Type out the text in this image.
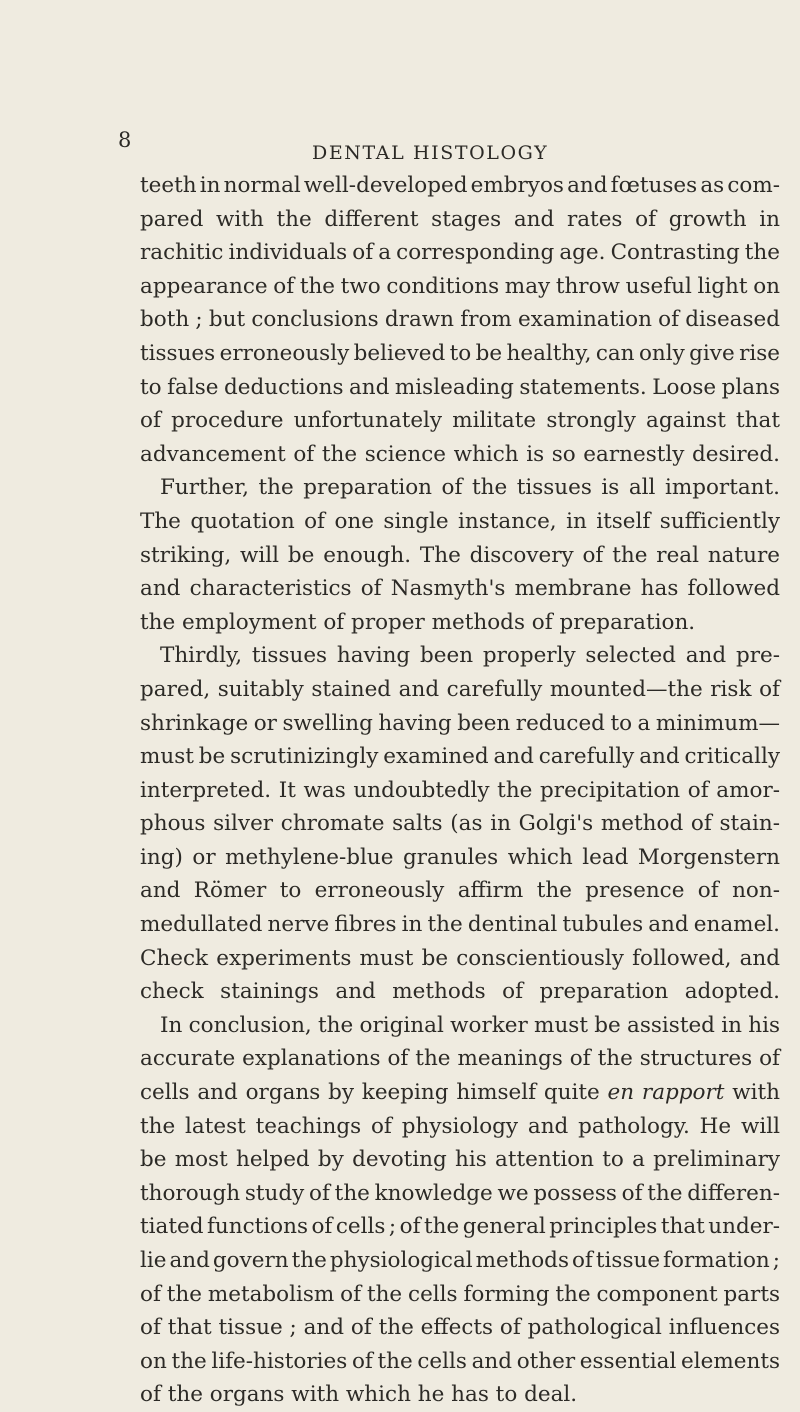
8

DENTAL HISTOLOGY
teeth in normal well-developed embryos and fœtuses as com-
pared with the different stages and rates of growth in
rachitic individuals of a corresponding age. Contrasting the
appearance of the two conditions may throw useful light on
both ; but conclusions drawn from examination of diseased
tissues erroneously believed to be healthy, can only give rise
to false deductions and misleading statements. Loose plans
of procedure unfortunately militate strongly against that
advancement of the science which is so earnestly desired.
Further, the preparation of the tissues is all important.
The quotation of one single instance, in itself sufficiently
striking, will be enough. The discovery of the real nature
and characteristics of Nasmyth's membrane has followed
the employment of proper methods of preparation.
Thirdly, tissues having been properly selected and pre-
pared, suitably stained and carefully mounted—the risk of
shrinkage or swelling having been reduced to a minimum—
must be scrutinizingly examined and carefully and critically
interpreted. It was undoubtedly the precipitation of amor-
phous silver chromate salts (as in Golgi's method of stain-
ing) or methylene-blue granules which lead Morgenstern
and Römer to erroneously affirm the presence of non-
medullated nerve fibres in the dentinal tubules and enamel.
Check experiments must be conscientiously followed, and
check stainings and methods of preparation adopted.
In conclusion, the original worker must be assisted in his
accurate explanations of the meanings of the structures of
cells and organs by keeping himself quite en rapport with
the latest teachings of physiology and pathology. He will
be most helped by devoting his attention to a preliminary
thorough study of the knowledge we possess of the differen-
tiated functions of cells ; of the general principles that under-
lie and govern the physiological methods of tissue formation ;
of the metabolism of the cells forming the component parts
of that tissue ; and of the effects of pathological influences
on the life-histories of the cells and other essential elements
of the organs with which he has to deal.
